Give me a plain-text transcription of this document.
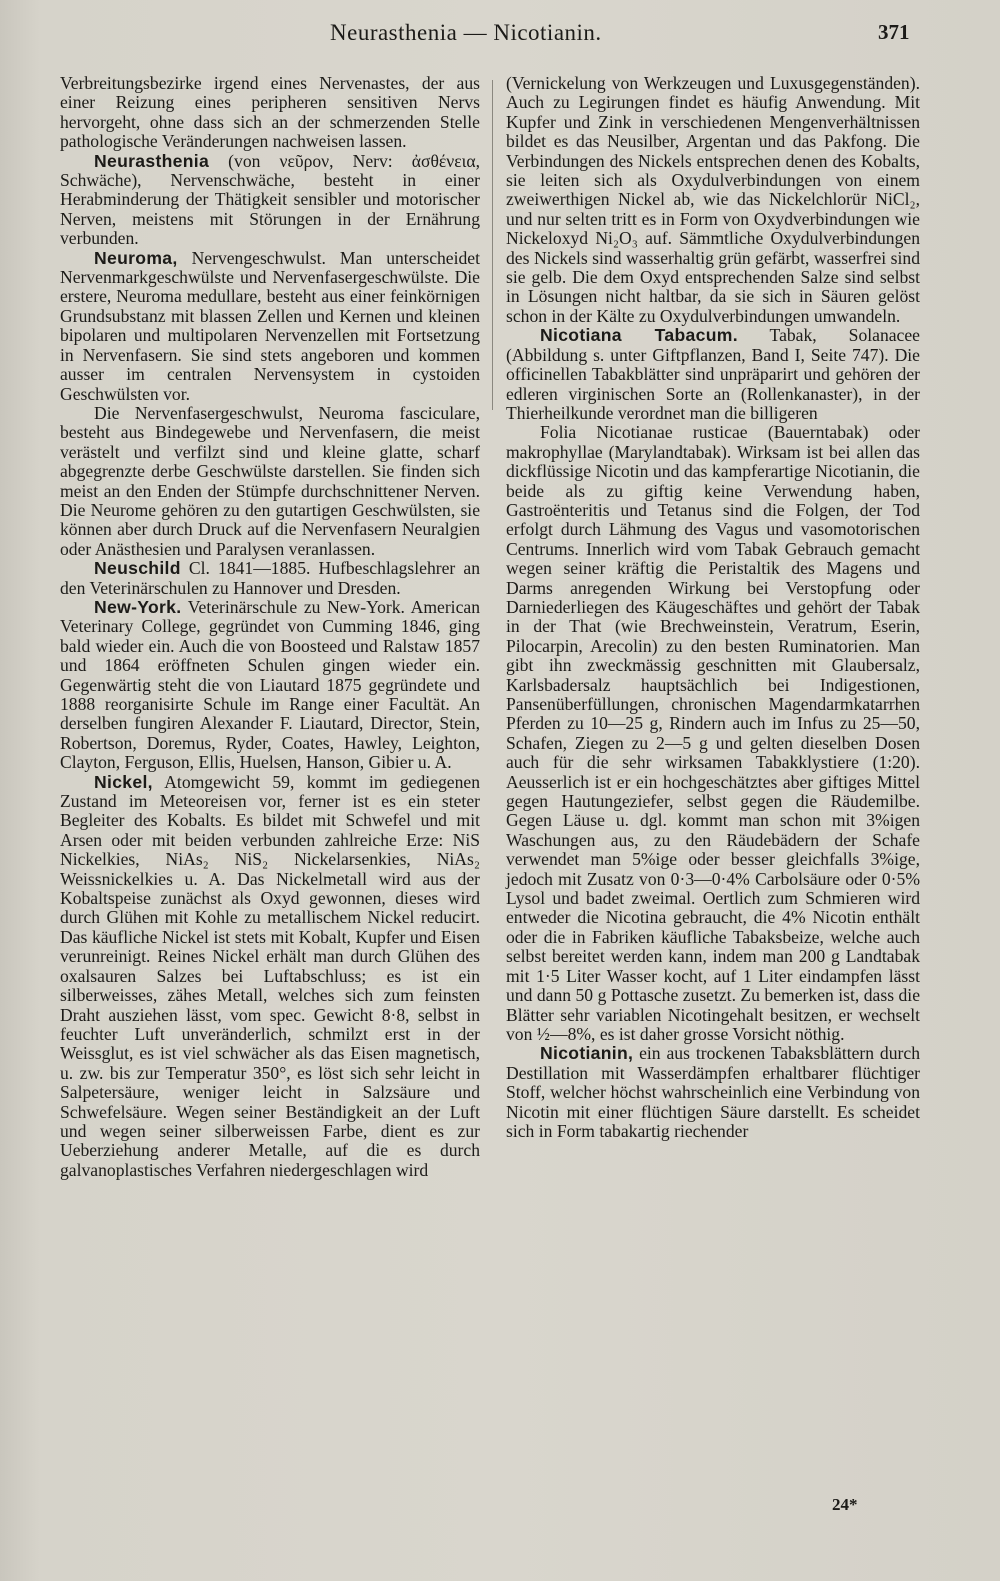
Neurasthenia — Nicotianin.	371

Verbreitungsbezirke irgend eines Nervenastes, der aus einer Reizung eines peripheren sensitiven Nervs hervorgeht, ohne dass sich an der schmerzenden Stelle pathologische Veränderungen nachweisen lassen.

Neurasthenia (von νεῦρον, Nerv: ἀσθένεια, Schwäche), Nervenschwäche, besteht in einer Herabminderung der Thätigkeit sensibler und motorischer Nerven, meistens mit Störungen in der Ernährung verbunden.

Neuroma, Nervengeschwulst. Man unterscheidet Nervenmarkgeschwülste und Nervenfasergeschwülste. Die erstere, Neuroma medullare, besteht aus einer feinkörnigen Grundsubstanz mit blassen Zellen und Kernen und kleinen bipolaren und multipolaren Nervenzellen mit Fortsetzung in Nervenfasern. Sie sind stets angeboren und kommen ausser im centralen Nervensystem in cystoiden Geschwülsten vor.

Die Nervenfasergeschwulst, Neuroma fasciculare, besteht aus Bindegewebe und Nervenfasern, die meist verästelt und verfilzt sind und kleine glatte, scharf abgegrenzte derbe Geschwülste darstellen. Sie finden sich meist an den Enden der Stümpfe durchschnittener Nerven. Die Neurome gehören zu den gutartigen Geschwülsten, sie können aber durch Druck auf die Nervenfasern Neuralgien oder Anästhesien und Paralysen veranlassen.

Neuschild Cl. 1841—1885. Hufbeschlagslehrer an den Veterinärschulen zu Hannover und Dresden.

New-York. Veterinärschule zu New-York. American Veterinary College, gegründet von Cumming 1846, ging bald wieder ein. Auch die von Boosteed und Ralstaw 1857 und 1864 eröffneten Schulen gingen wieder ein. Gegenwärtig steht die von Liautard 1875 gegründete und 1888 reorganisirte Schule im Range einer Facultät. An derselben fungiren Alexander F. Liautard, Director, Stein, Robertson, Doremus, Ryder, Coates, Hawley, Leighton, Clayton, Ferguson, Ellis, Huelsen, Hanson, Gibier u. A.

Nickel, Atomgewicht 59, kommt im gediegenen Zustand im Meteoreisen vor, ferner ist es ein steter Begleiter des Kobalts. Es bildet mit Schwefel und mit Arsen oder mit beiden verbunden zahlreiche Erze: NiS Nickelkies, NiAs₂ NiS₂ Nickelarsenkies, NiAs₂ Weissnickelkies u. A. Das Nickelmetall wird aus der Kobaltspeise zunächst als Oxyd gewonnen, dieses wird durch Glühen mit Kohle zu metallischem Nickel reducirt. Das käufliche Nickel ist stets mit Kobalt, Kupfer und Eisen verunreinigt. Reines Nickel erhält man durch Glühen des oxalsauren Salzes bei Luftabschluss; es ist ein silberweisses, zähes Metall, welches sich zum feinsten Draht ausziehen lässt, vom spec. Gewicht 8·8, selbst in feuchter Luft unveränderlich, schmilzt erst in der Weissglut, es ist viel schwächer als das Eisen magnetisch, u. zw. bis zur Temperatur 350°, es löst sich sehr leicht in Salpetersäure, weniger leicht in Salzsäure und Schwefelsäure. Wegen seiner Beständigkeit an der Luft und wegen seiner silberweissen Farbe, dient es zur Ueberziehung anderer Metalle, auf die es durch galvanoplastisches Verfahren niedergeschlagen wird

(Vernickelung von Werkzeugen und Luxusgegenständen). Auch zu Legirungen findet es häufig Anwendung. Mit Kupfer und Zink in verschiedenen Mengenverhältnissen bildet es das Neusilber, Argentan und das Pakfong. Die Verbindungen des Nickels entsprechen denen des Kobalts, sie leiten sich als Oxydulverbindungen von einem zweiwerthigen Nickel ab, wie das Nickelchlorür NiCl₂, und nur selten tritt es in Form von Oxydverbindungen wie Nickeloxyd Ni₂O₃ auf. Sämmtliche Oxydulverbindungen des Nickels sind wasserhaltig grün gefärbt, wasserfrei sind sie gelb. Die dem Oxyd entsprechenden Salze sind selbst in Lösungen nicht haltbar, da sie sich in Säuren gelöst schon in der Kälte zu Oxydulverbindungen umwandeln.

Nicotiana Tabacum. Tabak, Solanacee (Abbildung s. unter Giftpflanzen, Band I, Seite 747). Die officinellen Tabakblätter sind unpräparirt und gehören der edleren virginischen Sorte an (Rollenkanaster), in der Thierheilkunde verordnet man die billigeren

Folia Nicotianae rusticae (Bauerntabak) oder makrophyllae (Marylandtabak). Wirksam ist bei allen das dickflüssige Nicotin und das kampferartige Nicotianin, die beide als zu giftig keine Verwendung haben, Gastroënteritis und Tetanus sind die Folgen, der Tod erfolgt durch Lähmung des Vagus und vasomotorischen Centrums. Innerlich wird vom Tabak Gebrauch gemacht wegen seiner kräftig die Peristaltik des Magens und Darms anregenden Wirkung bei Verstopfung oder Darniederliegen des Käugeschäftes und gehört der Tabak in der That (wie Brechweinstein, Veratrum, Eserin, Pilocarpin, Arecolin) zu den besten Ruminatorien. Man gibt ihn zweckmässig geschnitten mit Glaubersalz, Karlsbadersalz hauptsächlich bei Indigestionen, Pansenüberfüllungen, chronischen Magendarmkatarrhen Pferden zu 10—25 g, Rindern auch im Infus zu 25—50, Schafen, Ziegen zu 2—5 g und gelten dieselben Dosen auch für die sehr wirksamen Tabakklystiere (1:20). Aeusserlich ist er ein hochgeschätztes aber giftiges Mittel gegen Hautungeziefer, selbst gegen die Räudemilbe. Gegen Läuse u. dgl. kommt man schon mit 3%igen Waschungen aus, zu den Räudebädern der Schafe verwendet man 5%ige oder besser gleichfalls 3%ige, jedoch mit Zusatz von 0·3—0·4% Carbolsäure oder 0·5% Lysol und badet zweimal. Oertlich zum Schmieren wird entweder die Nicotina gebraucht, die 4% Nicotin enthält oder die in Fabriken käufliche Tabaksbeize, welche auch selbst bereitet werden kann, indem man 200 g Landtabak mit 1·5 Liter Wasser kocht, auf 1 Liter eindampfen lässt und dann 50 g Pottasche zusetzt. Zu bemerken ist, dass die Blätter sehr variablen Nicotingehalt besitzen, er wechselt von ½—8%, es ist daher grosse Vorsicht nöthig.

Nicotianin, ein aus trockenen Tabaksblättern durch Destillation mit Wasserdämpfen erhaltbarer flüchtiger Stoff, welcher höchst wahrscheinlich eine Verbindung von Nicotin mit einer flüchtigen Säure darstellt. Es scheidet sich in Form tabakartig riechender

24*
